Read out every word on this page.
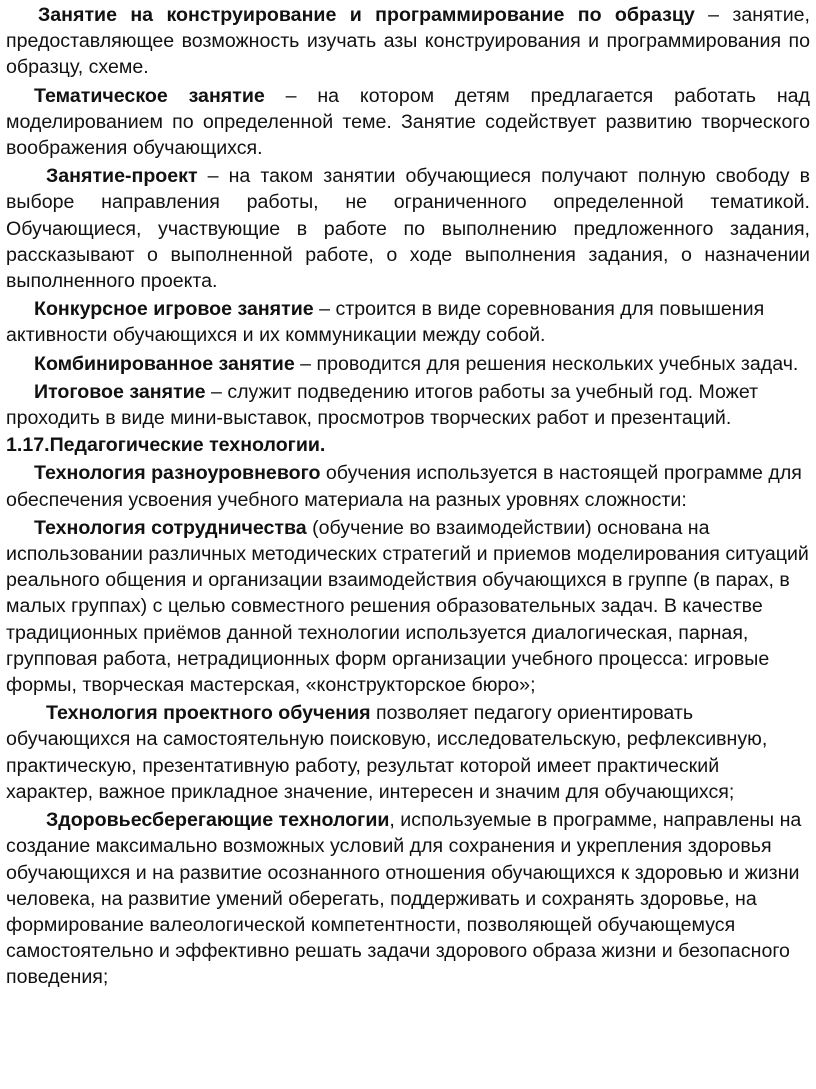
Занятие на конструирование и программирование по образцу – занятие, предоставляющее возможность изучать азы конструирования и программирования по образцу, схеме.

Тематическое занятие – на котором детям предлагается работать над моделированием по определенной теме. Занятие содействует развитию творческого воображения обучающихся.

Занятие-проект – на таком занятии обучающиеся получают полную свободу в выборе направления работы, не ограниченного определенной тематикой. Обучающиеся, участвующие в работе по выполнению предложенного задания, рассказывают о выполненной работе, о ходе выполнения задания, о назначении выполненного проекта.

Конкурсное игровое занятие – строится в виде соревнования для повышения активности обучающихся и их коммуникации между собой.

Комбинированное занятие – проводится для решения нескольких учебных задач.

Итоговое занятие – служит подведению итогов работы за учебный год. Может проходить в виде мини-выставок, просмотров творческих работ и презентаций.

1.17.Педагогические технологии.

Технология разноуровневого обучения используется в настоящей программе для обеспечения усвоения учебного материала на разных уровнях сложности:

Технология сотрудничества (обучение во взаимодействии) основана на использовании различных методических стратегий и приемов моделирования ситуаций реального общения и организации взаимодействия обучающихся в группе (в парах, в малых группах) с целью совместного решения образовательных задач. В качестве традиционных приёмов данной технологии используется диалогическая, парная, групповая работа, нетрадиционных форм организации учебного процесса: игровые формы, творческая мастерская, «конструкторское бюро»;

Технология проектного обучения позволяет педагогу ориентировать обучающихся на самостоятельную поисковую, исследовательскую, рефлексивную, практическую, презентативную работу, результат которой имеет практический характер, важное прикладное значение, интересен и значим для обучающихся;

Здоровьесберегающие технологии, используемые в программе, направлены на создание максимально возможных условий для сохранения и укрепления здоровья обучающихся и на развитие осознанного отношения обучающихся к здоровью и жизни человека, на развитие умений оберегать, поддерживать и сохранять здоровье, на формирование валеологической компетентности, позволяющей обучающемуся самостоятельно и эффективно решать задачи здорового образа жизни и безопасного поведения;
